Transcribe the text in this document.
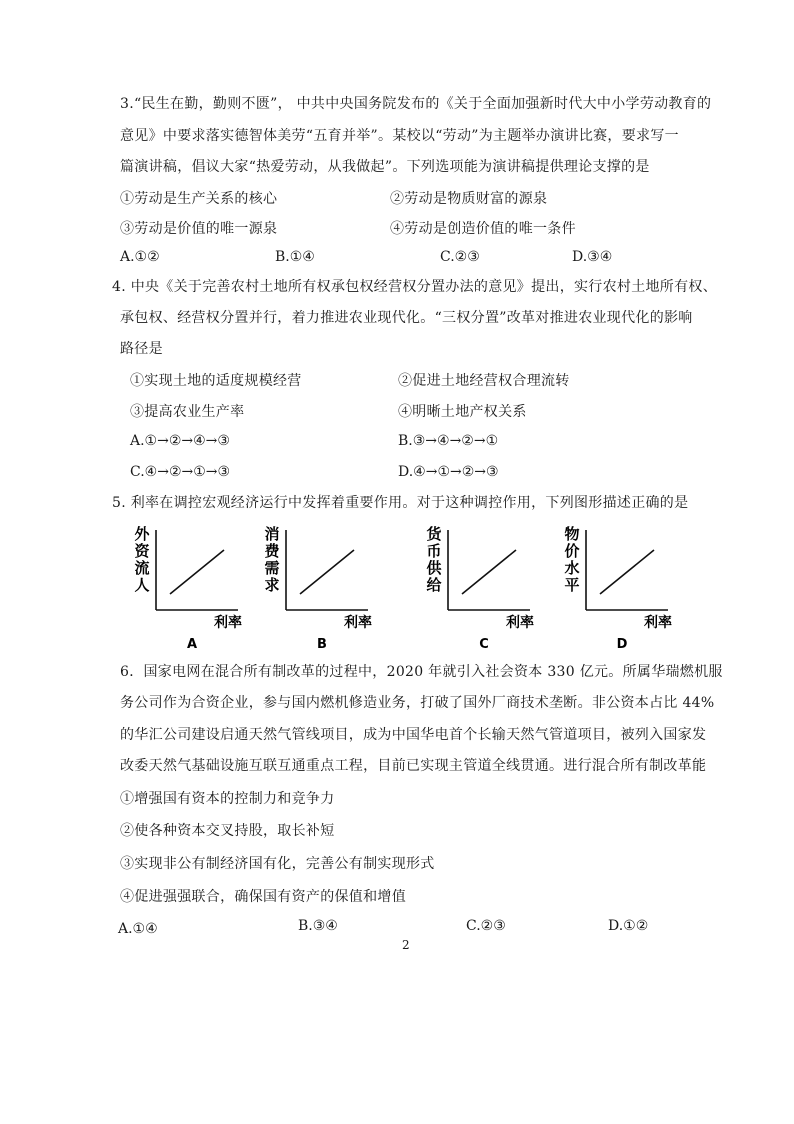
3.“民生在勤，勤则不匮”， 中共中央国务院发布的《关于全面加强新时代大中小学劳动教育的
意见》中要求落实德智体美劳“五育并举”。某校以“劳动”为主题举办演讲比赛，要求写一
篇演讲稿，倡议大家“热爱劳动，从我做起”。下列选项能为演讲稿提供理论支撑的是
①劳动是生产关系的核心	②劳动是物质财富的源泉
③劳动是价值的唯一源泉	④劳动是创造价值的唯一条件
A.①②	B.①④	C.②③	D.③④
4. 中央《关于完善农村土地所有权承包权经营权分置办法的意见》提出，实行农村土地所有权、
承包权、经营权分置并行，着力推进农业现代化。“三权分置”改革对推进农业现代化的影响
路径是
①实现土地的适度规模经营	②促进土地经营权合理流转
③提高农业生产率	④明晰土地产权关系
A.①→②→④→③	B.③→④→②→①
C.④→②→①→③	D.④→①→②→③
5. 利率在调控宏观经济运行中发挥着重要作用。对于这种调控作用，下列图形描述正确的是
外
资
流
人
利率
A
消
费
需
求
利率
B
货
币
供
给
利率
C
物
价
水
平
利率
D
6．国家电网在混合所有制改革的过程中，2020 年就引入社会资本 330 亿元。所属华瑞燃机服
务公司作为合资企业，参与国内燃机修造业务，打破了国外厂商技术垄断。非公资本占比 44%
的华汇公司建设启通天然气管线项目，成为中国华电首个长输天然气管道项目，被列入国家发
改委天然气基础设施互联互通重点工程，目前已实现主管道全线贯通。进行混合所有制改革能
①增强国有资本的控制力和竞争力
②使各种资本交叉持股，取长补短
③实现非公有制经济国有化，完善公有制实现形式
④促进强强联合，确保国有资产的保值和增值
A.①④	B.③④	C.②③	D.①②
2
